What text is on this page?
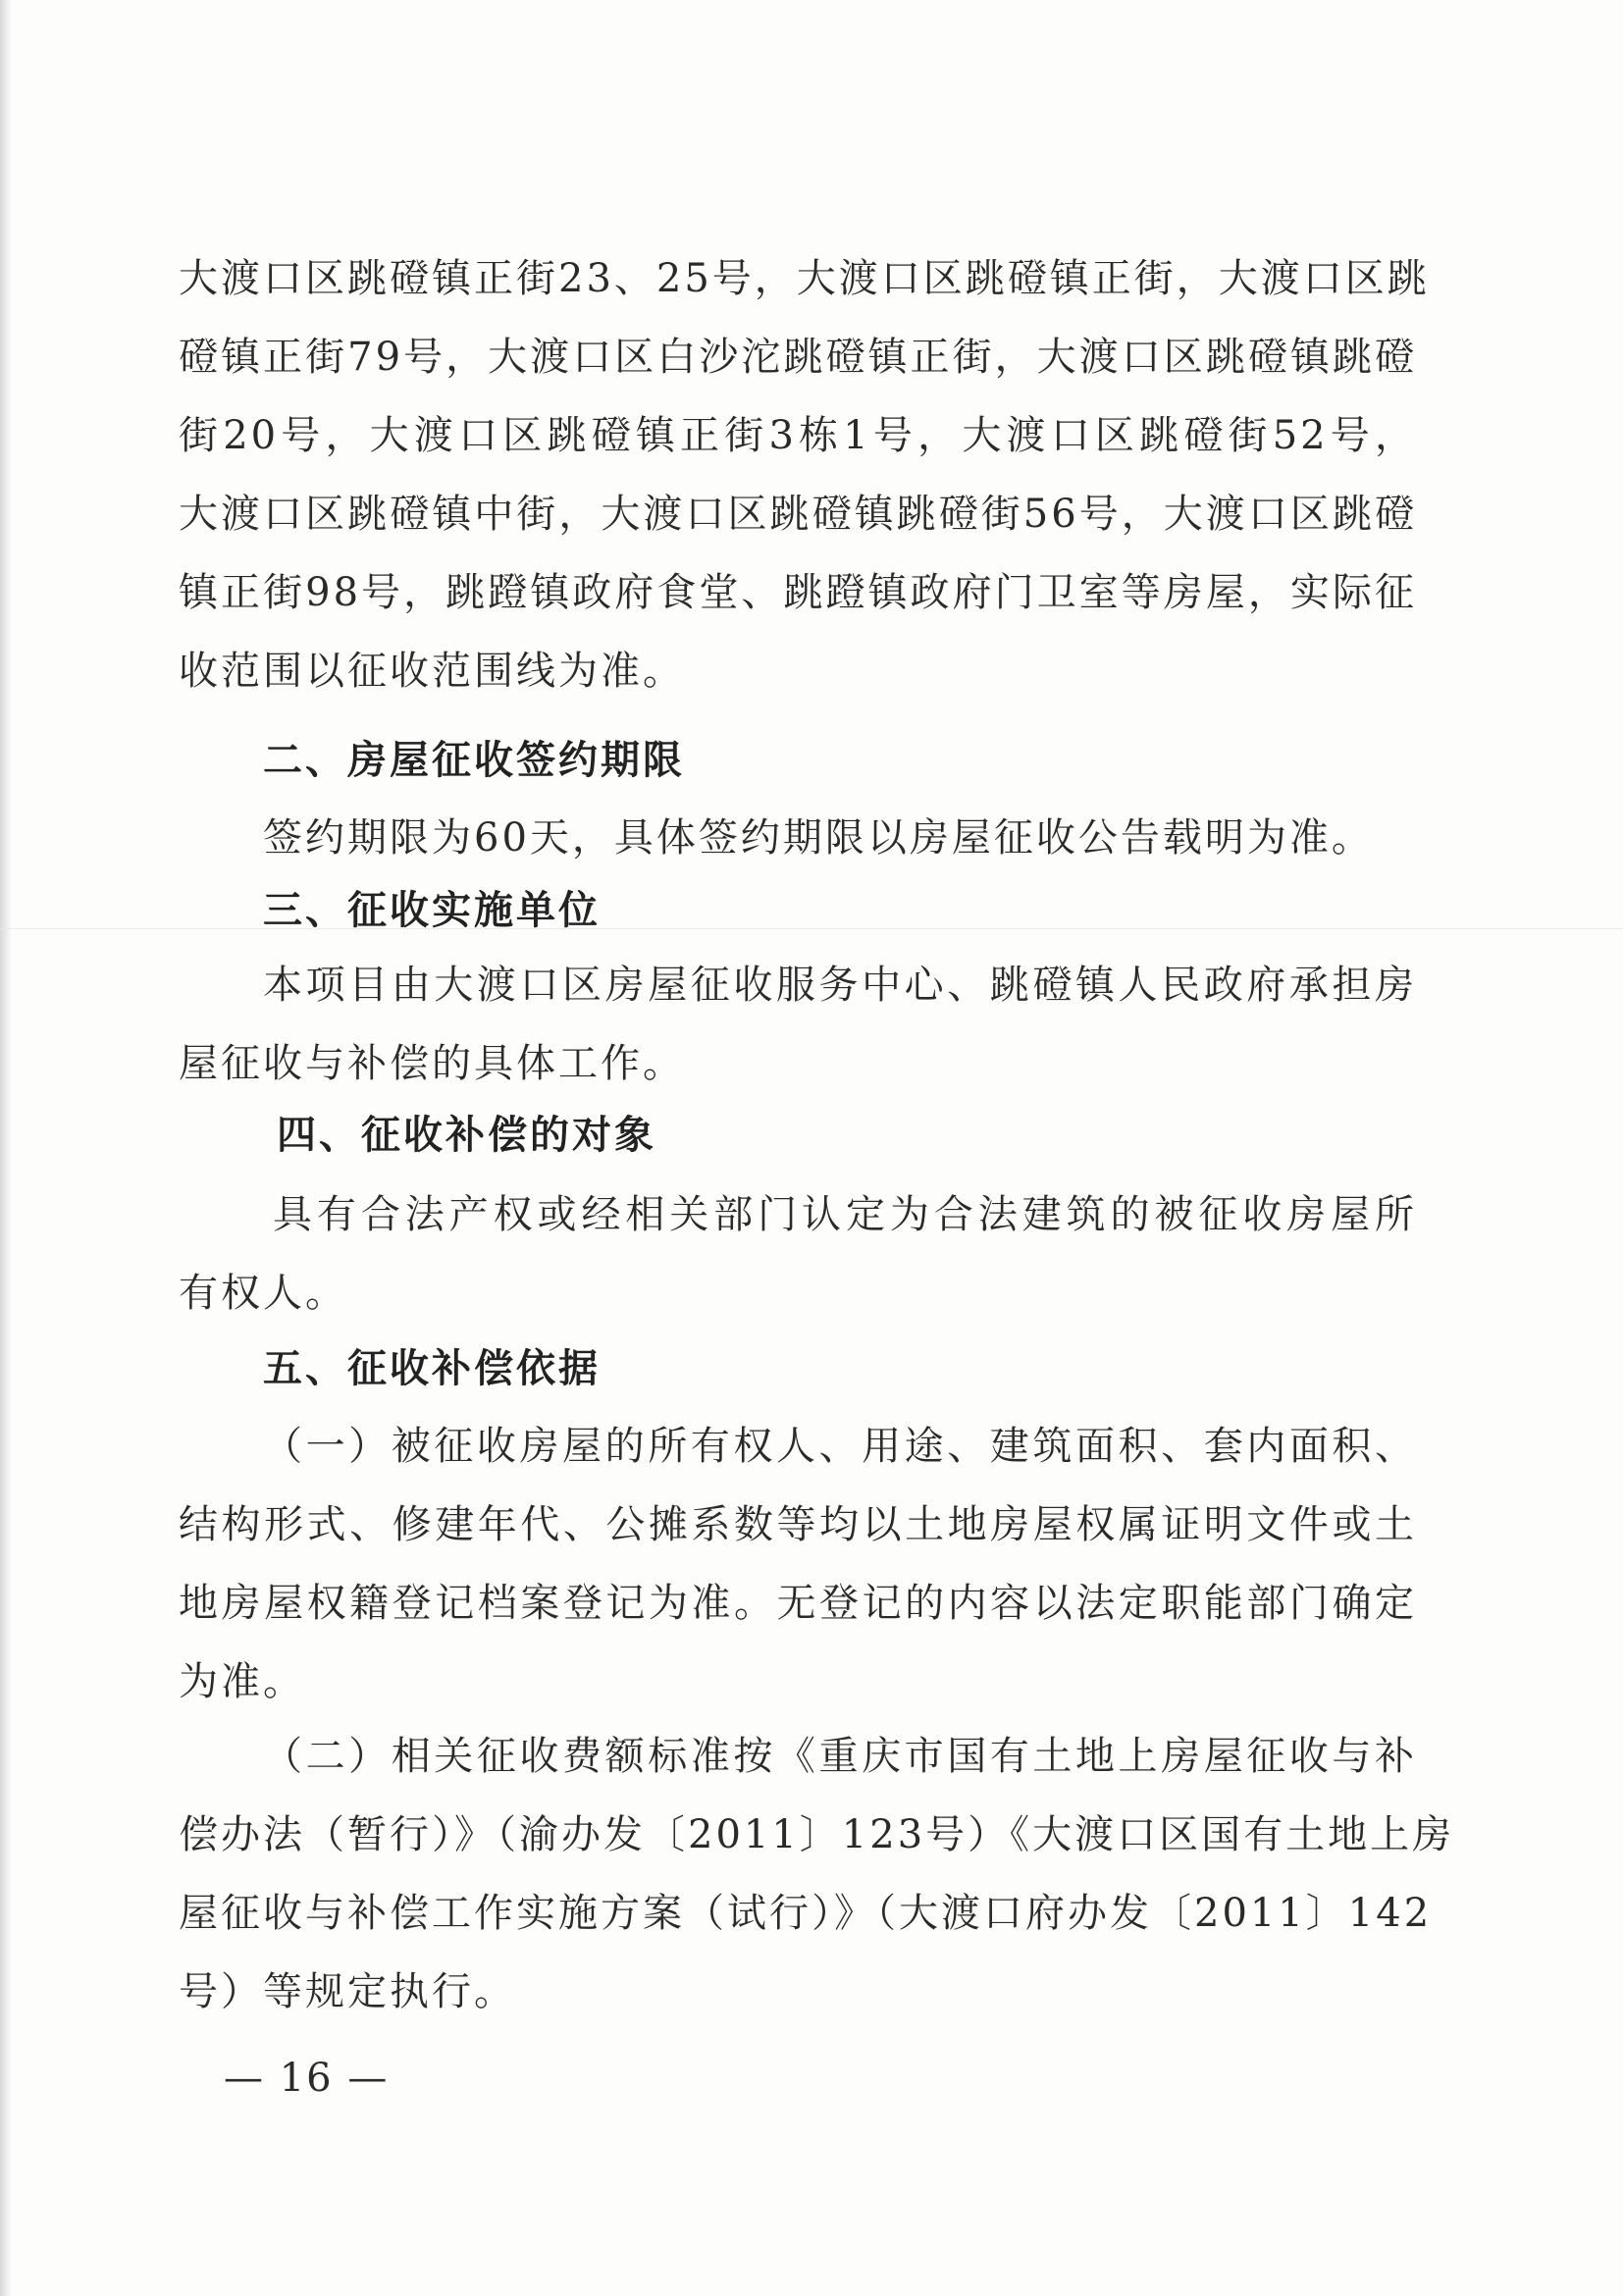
大渡口区跳磴镇正街23、25号，大渡口区跳磴镇正街，大渡口区跳
磴镇正街79号，大渡口区白沙沱跳磴镇正街，大渡口区跳磴镇跳磴
街20号，大渡口区跳磴镇正街3栋1号，大渡口区跳磴街52号，
大渡口区跳磴镇中街，大渡口区跳磴镇跳磴街56号，大渡口区跳磴
镇正街98号，跳蹬镇政府食堂、跳蹬镇政府门卫室等房屋，实际征
收范围以征收范围线为准。
二、房屋征收签约期限
签约期限为60天，具体签约期限以房屋征收公告载明为准。
三、征收实施单位
本项目由大渡口区房屋征收服务中心、跳磴镇人民政府承担房
屋征收与补偿的具体工作。
四、征收补偿的对象
具有合法产权或经相关部门认定为合法建筑的被征收房屋所
有权人。
五、征收补偿依据
（一）被征收房屋的所有权人、用途、建筑面积、套内面积、
结构形式、修建年代、公摊系数等均以土地房屋权属证明文件或土
地房屋权籍登记档案登记为准。无登记的内容以法定职能部门确定
为准。
（二）相关征收费额标准按《重庆市国有土地上房屋征收与补
偿办法（暂行）》（渝办发〔2011〕123号）《大渡口区国有土地上房
屋征收与补偿工作实施方案（试行）》（大渡口府办发〔2011〕142
号）等规定执行。
— 16 —
